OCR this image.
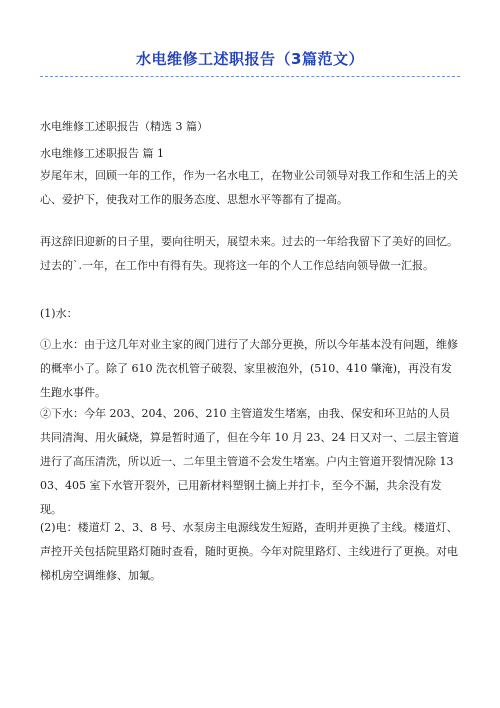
水电维修工述职报告（3篇范文）
水电维修工述职报告（精选 3 篇）
水电维修工述职报告 篇 1
岁尾年末，回顾一年的工作，作为一名水电工，在物业公司领导对我工作和生活上的关心、爱护下，使我对工作的服务态度、思想水平等都有了提高。
再这辞旧迎新的日子里，要向往明天，展望未来。过去的一年给我留下了美好的回忆。过去的`.一年，在工作中有得有失。现将这一年的个人工作总结向领导做一汇报。
(1)水：
①上水：由于这几年对业主家的阀门进行了大部分更换，所以今年基本没有问题，维修的概率小了。除了 610 洗衣机管子破裂、家里被泡外，(510、410 肇淹)，再没有发生跑水事件。
②下水：今年 203、204、206、210 主管道发生堵塞，由我、保安和环卫站的人员共同清淘、用火碱烧，算是暂时通了，但在今年 10 月 23、24 日又对一、二层主管道进行了高压清洗，所以近一、二年里主管道不会发生堵塞。户内主管道开裂情况除 1303、405 室下水管开裂外，已用新材料塑钢土摘上并打卡，至今不漏，共余没有发现。
(2)电：楼道灯 2、3、8 号、水泵房主电源线发生短路，查明并更换了主线。楼道灯、声控开关包括院里路灯随时查看，随时更换。今年对院里路灯、主线进行了更换。对电梯机房空调维修、加氟。
